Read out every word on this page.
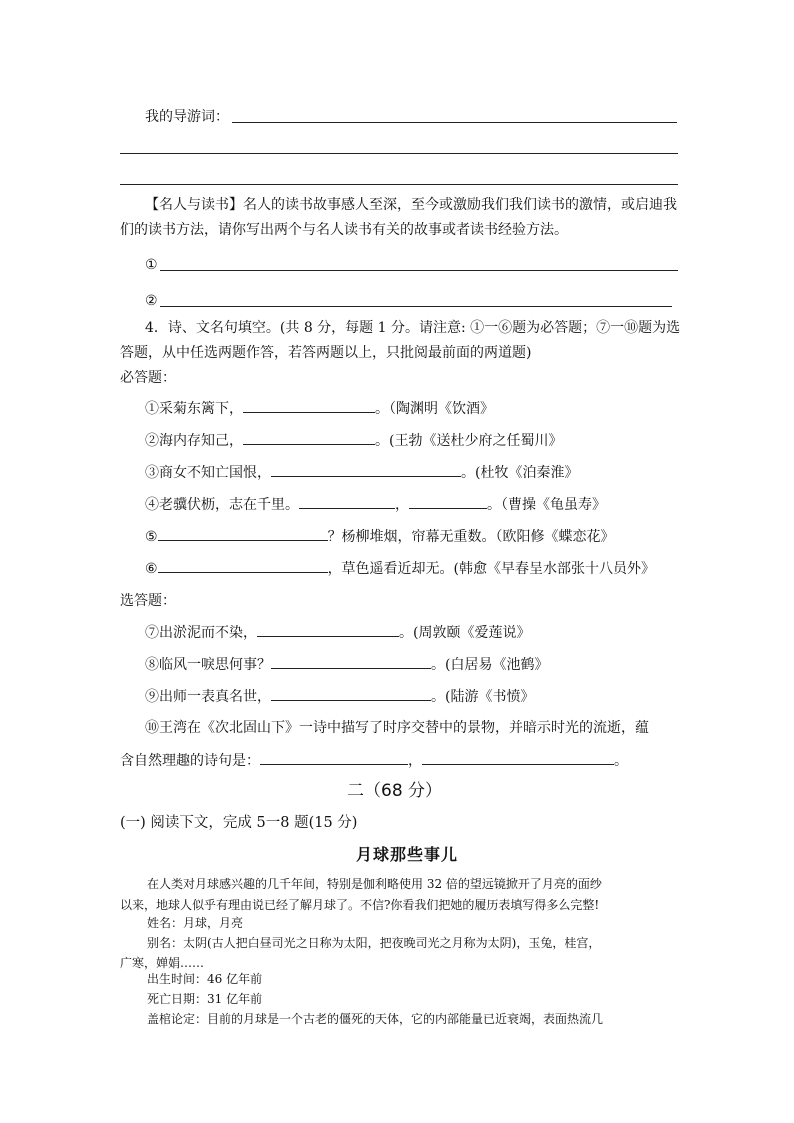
我的导游词：
【名人与读书】名人的读书故事感人至深，至今或激励我们我们读书的激情，或启迪我
们的读书方法，请你写出两个与名人读书有关的故事或者读书经验方法。
①
②
4．诗、文名句填空。(共 8 分，每题 1 分。请注意: ①一⑥题为必答题；⑦一⑩题为选
答题，从中任选两题作答，若答两题以上，只批阅最前面的两道题)
必答题：
①采菊东篱下，	。（陶渊明《饮酒》
②海内存知己，	。(王勃《送杜少府之任蜀川》
③商女不知亡国恨，	。(杜牧《泊秦淮》
④老骥伏枥，志在千里。	，	。（曹操《龟虽寿》
⑤	？杨柳堆烟，帘幕无重数。（欧阳修《蝶恋花》
⑥	，草色遥看近却无。(韩愈《早春呈水部张十八员外》
选答题：
⑦出淤泥而不染，	。(周敦颐《爱莲说》
⑧临风一唳思何事？	。(白居易《池鹤》
⑨出师一表真名世，	。(陆游《书愤》
⑩王湾在《次北固山下》一诗中描写了时序交替中的景物，并暗示时光的流逝，蕴
含自然理趣的诗句是：	，	。
二（68 分）
(一) 阅读下文，完成 5一8 题(15 分)
月球那些事儿
在人类对月球感兴趣的几千年间，特别是伽利略使用 32 倍的望远镜掀开了月亮的面纱
以来，地球人似乎有理由说已经了解月球了。不信?你看我们把她的履历表填写得多么完整!
姓名：月球，月亮
别名：太阴(古人把白昼司光之日称为太阳，把夜晚司光之月称为太阴)，玉兔，桂宫，
广寒，婵娟……
出生时间：46 亿年前
死亡日期：31 亿年前
盖棺论定：目前的月球是一个古老的僵死的天体，它的内部能量已近衰竭，表面热流几
